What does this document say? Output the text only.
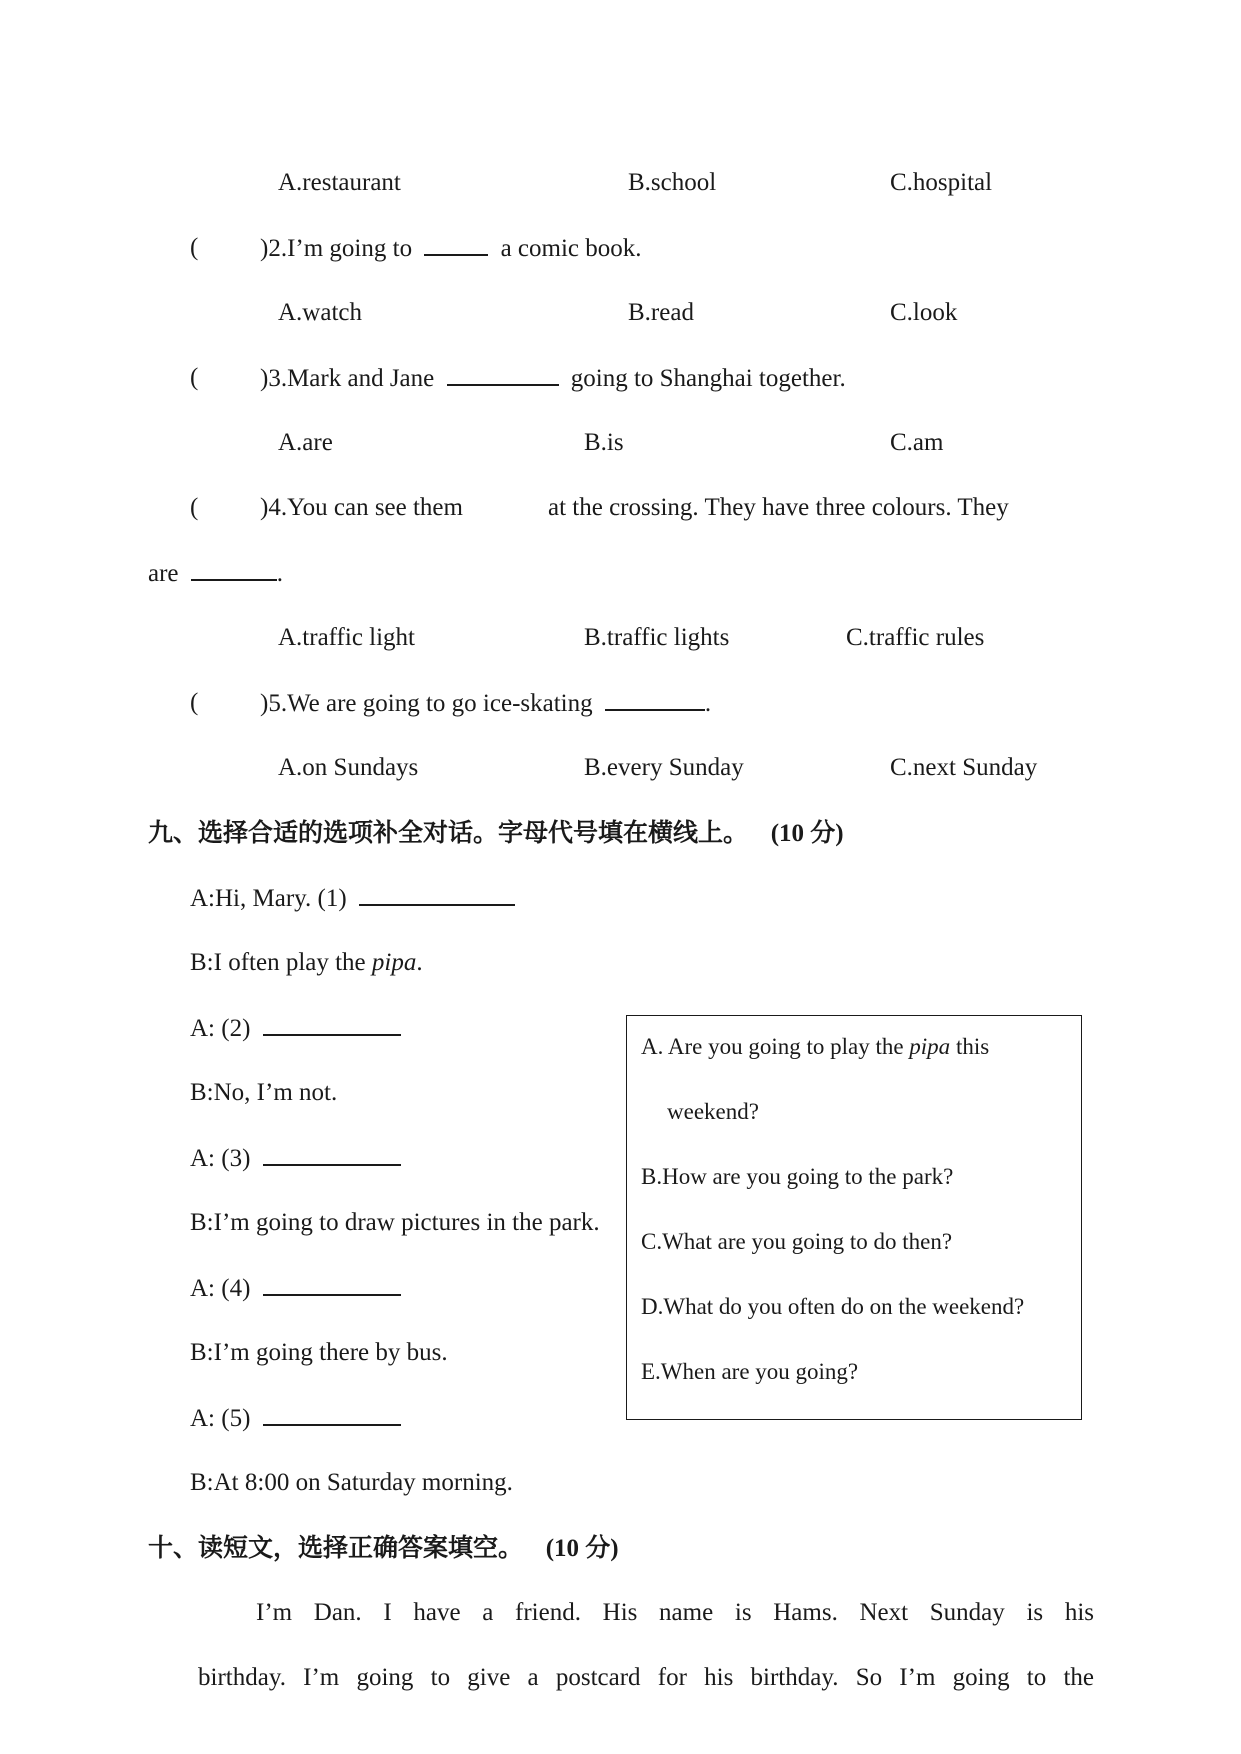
A.restaurant	B.school	C.hospital
( )2.I’m going to	a comic book.
A.watch	B.read	C.look
( )3.Mark and Jane	going to Shanghai together.
A.are	B.is	C.am
( )4.You can see them	at the crossing. They have three colours. They
are	.
A.traffic light	B.traffic lights	C.traffic rules
( )5.We are going to go ice-skating	.
A.on Sundays	B.every Sunday	C.next Sunday
九、选择合适的选项补全对话。字母代号填在横线上。 (10 分)
A:Hi, Mary. (1)
B:I often play the pipa.
A: (2)
B:No, I’m not.
A: (3)
B:I’m going to draw pictures in the park.
A: (4)
B:I’m going there by bus.
A: (5)
B:At 8:00 on Saturday morning.
A. Are you going to play the pipa this
weekend?
B.How are you going to the park?
C.What are you going to do then?
D.What do you often do on the weekend?
E.When are you going?
十、读短文，选择正确答案填空。 (10 分)
I’m Dan. I have a friend. His name is Hams. Next Sunday is his
birthday. I’m going to give a postcard for his birthday. So I’m going to the
